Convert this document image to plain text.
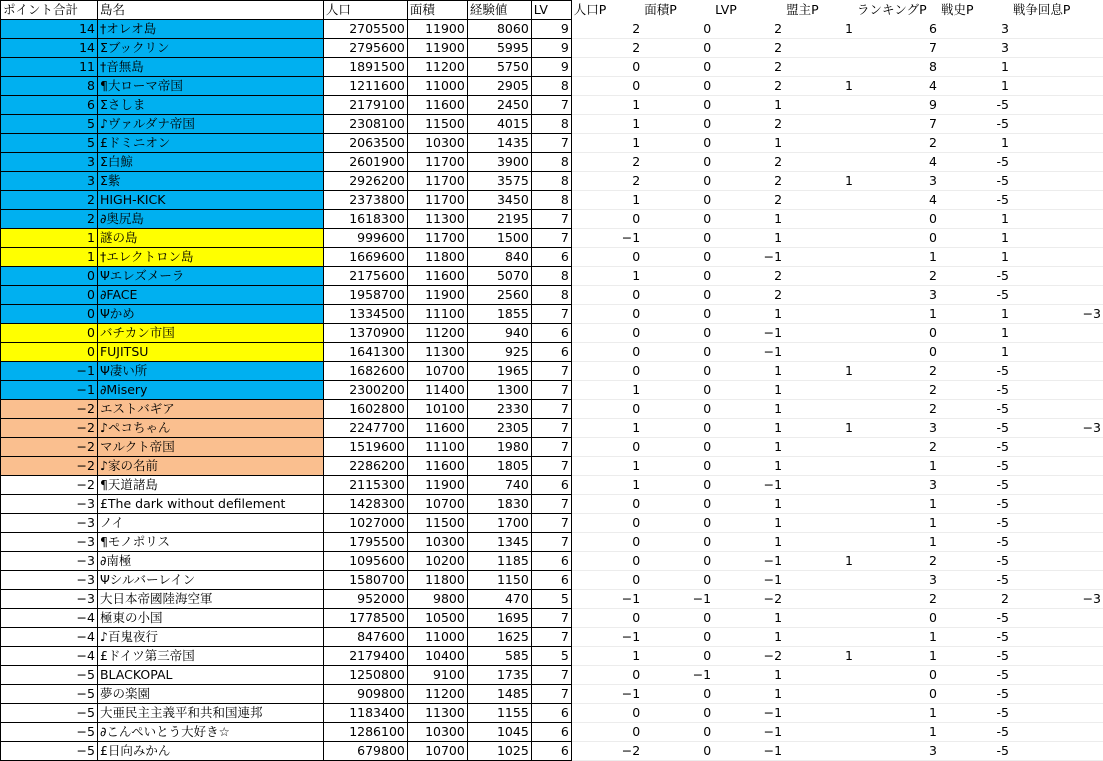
ポイント合計	島名	人口	面積	経験値	LV	人口P	面積P	LVP	盟主P	ランキングP	戦史P	戦争回息P
14	†オレオ島	2705500	11900	8060	9	2	0	2	1	6	3	
14	Σブックリン	2795600	11900	5995	9	2	0	2		7	3	
11	†音無島	1891500	11200	5750	9	0	0	2		8	1	
8	¶大ローマ帝国	1211600	11000	2905	8	0	0	2	1	4	1	
6	Σさしま	2179100	11600	2450	7	1	0	1		9	-5	
5	♪ヴァルダナ帝国	2308100	11500	4015	8	1	0	2		7	-5	
5	£ドミニオン	2063500	10300	1435	7	1	0	1		2	1	
3	Σ白鯨	2601900	11700	3900	8	2	0	2		4	-5	
3	Σ紫	2926200	11700	3575	8	2	0	2	1	3	-5	
2	HIGH-KICK	2373800	11700	3450	8	1	0	2		4	-5	
2	∂奥尻島	1618300	11300	2195	7	0	0	1		0	1	
1	謎の島	999600	11700	1500	7	−1	0	1		0	1	
1	†エレクトロン島	1669600	11800	840	6	0	0	−1		1	1	
0	Ψエレズメーラ	2175600	11600	5070	8	1	0	2		2	-5	
0	∂FACE	1958700	11900	2560	8	0	0	2		3	-5	
0	Ψかめ	1334500	11100	1855	7	0	0	1		1	1	−3
0	バチカン市国	1370900	11200	940	6	0	0	−1		0	1	
0	FUJITSU	1641300	11300	925	6	0	0	−1		0	1	
−1	Ψ凄い所	1682600	10700	1965	7	0	0	1	1	2	-5	
−1	∂Misery	2300200	11400	1300	7	1	0	1		2	-5	
−2	エストバギア	1602800	10100	2330	7	0	0	1		2	-5	
−2	♪ペコちゃん	2247700	11600	2305	7	1	0	1	1	3	-5	−3
−2	マルクト帝国	1519600	11100	1980	7	0	0	1		2	-5	
−2	♪家の名前	2286200	11600	1805	7	1	0	1		1	-5	
−2	¶天道諸島	2115300	11900	740	6	1	0	−1		3	-5	
−3	£The dark without defilement	1428300	10700	1830	7	0	0	1		1	-5	
−3	ノイ	1027000	11500	1700	7	0	0	1		1	-5	
−3	¶モノポリス	1795500	10300	1345	7	0	0	1		1	-5	
−3	∂南極	1095600	10200	1185	6	0	0	−1	1	2	-5	
−3	Ψシルバーレイン	1580700	11800	1150	6	0	0	−1		3	-5	
−3	大日本帝國陸海空軍	952000	9800	470	5	−1	−1	−2		2	2	−3
−4	極東の小国	1778500	10500	1695	7	0	0	1		0	-5	
−4	♪百鬼夜行	847600	11000	1625	7	−1	0	1		1	-5	
−4	£ドイツ第三帝国	2179400	10400	585	5	1	0	−2	1	1	-5	
−5	BLACKOPAL	1250800	9100	1735	7	0	−1	1		0	-5	
−5	夢の楽園	909800	11200	1485	7	−1	0	1		0	-5	
−5	大亜民主主義平和共和国連邦	1183400	11300	1155	6	0	0	−1		1	-5	
−5	∂こんぺいとう大好き☆	1286100	10300	1045	6	0	0	−1		1	-5	
−5	£日向みかん	679800	10700	1025	6	−2	0	−1		3	-5	
